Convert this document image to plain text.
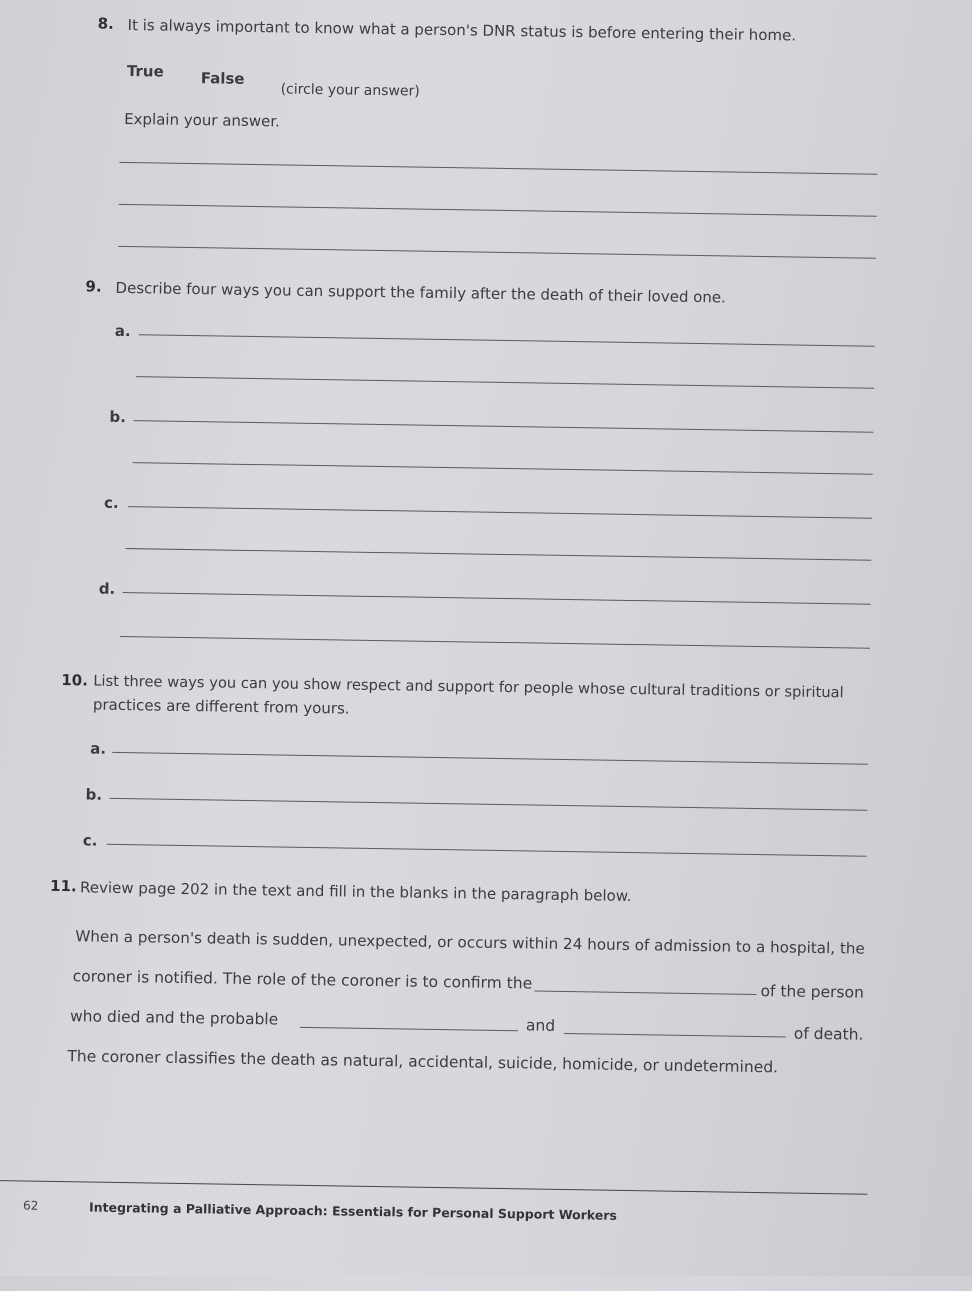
8. It is always important to know what a person's DNR status is before entering their home.
True False
(circle your answer)
Explain your answer.
9. Describe four ways you can support the family after the death of their loved one.
a.
b.
c.
d.
10. List three ways you can you show respect and support for people whose cultural traditions or spiritual
practices are different from yours.
a.
b.
c.
11. Review page 202 in the text and fill in the blanks in the paragraph below.
When a person's death is sudden, unexpected, or occurs within 24 hours of admission to a hospital, the
coroner is notified. The role of the coroner is to confirm the	of the person
who died and the probable	and	of death.
The coroner classifies the death as natural, accidental, suicide, homicide, or undetermined.
62	Integrating a Palliative Approach: Essentials for Personal Support Workers
